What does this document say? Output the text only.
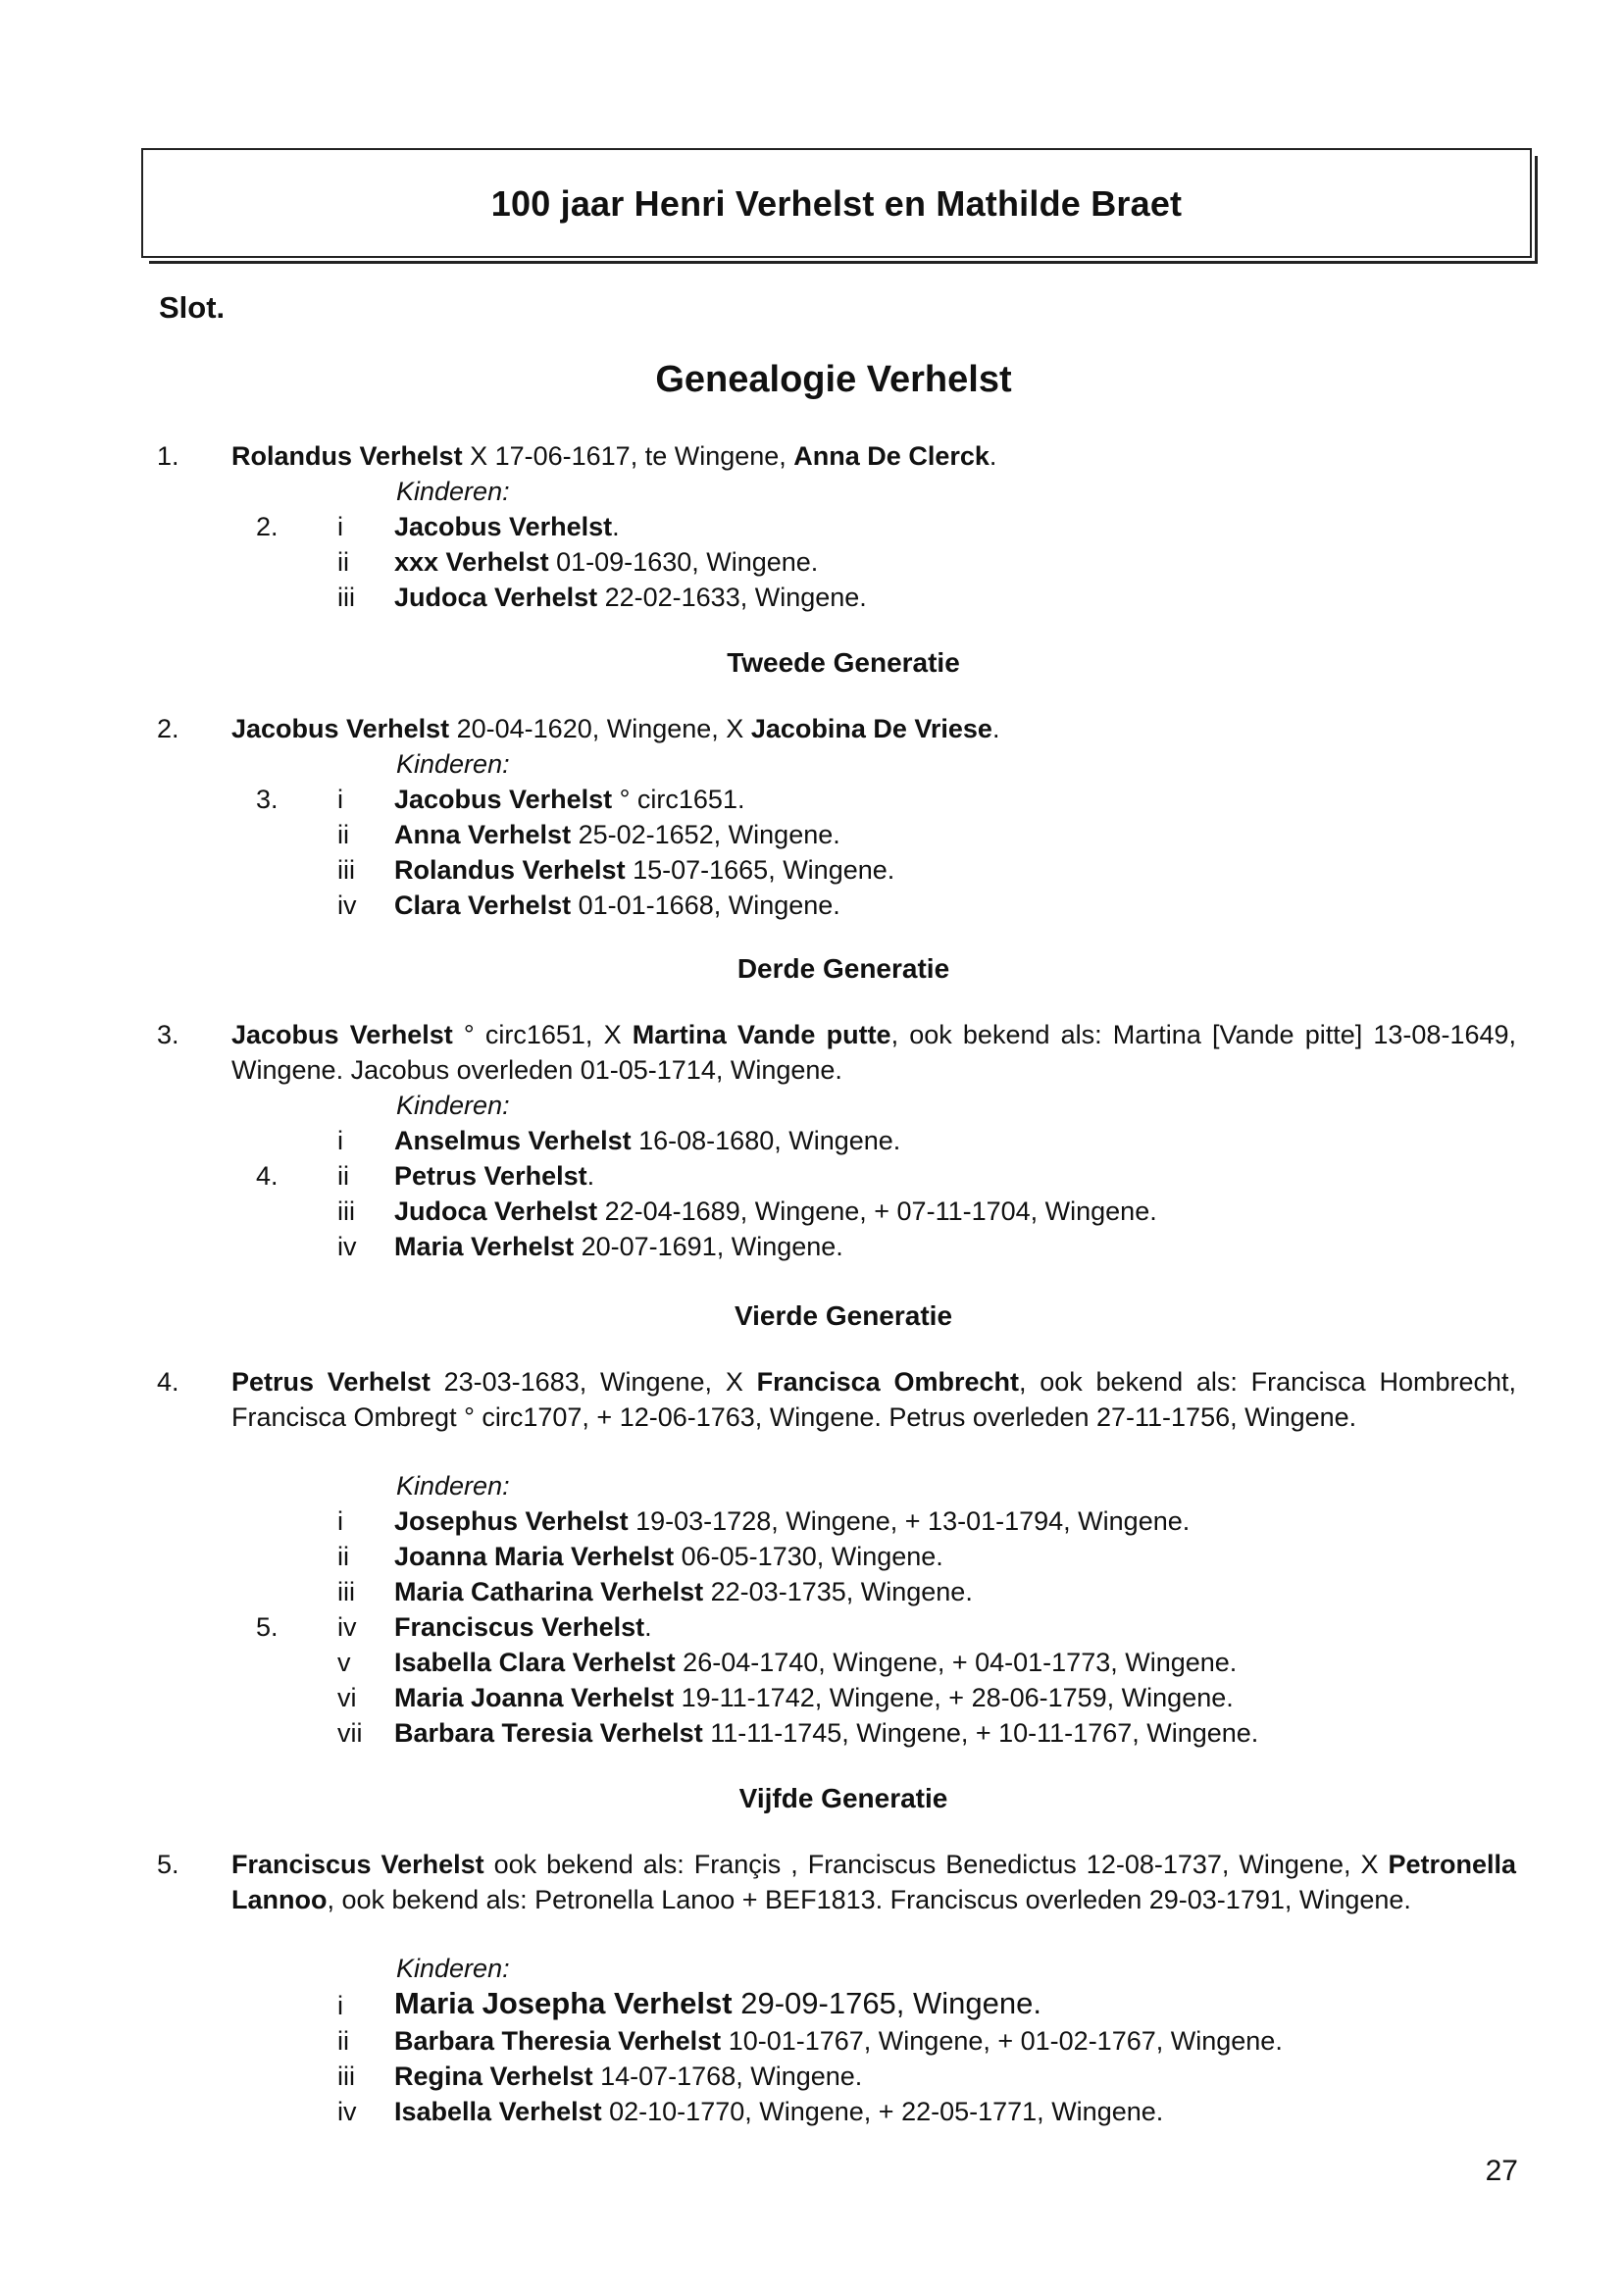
100 jaar Henri Verhelst en Mathilde Braet
Slot.
Genealogie Verhelst
1. Rolandus Verhelst X 17-06-1617, te Wingene, Anna De Clerck.
Kinderen:
2. i Jacobus Verhelst.
ii xxx Verhelst 01-09-1630, Wingene.
iii Judoca Verhelst 22-02-1633, Wingene.
Tweede Generatie
2. Jacobus Verhelst 20-04-1620, Wingene, X Jacobina De Vriese.
Kinderen:
3. i Jacobus Verhelst ° circ1651.
ii Anna Verhelst 25-02-1652, Wingene.
iii Rolandus Verhelst 15-07-1665, Wingene.
iv Clara Verhelst 01-01-1668, Wingene.
Derde Generatie
3. Jacobus Verhelst ° circ1651, X Martina Vande putte, ook bekend als: Martina [Vande pitte] 13-08-1649, Wingene. Jacobus overleden 01-05-1714, Wingene.
Kinderen:
i Anselmus Verhelst 16-08-1680, Wingene.
4. ii Petrus Verhelst.
iii Judoca Verhelst 22-04-1689, Wingene, + 07-11-1704, Wingene.
iv Maria Verhelst 20-07-1691, Wingene.
Vierde Generatie
4. Petrus Verhelst 23-03-1683, Wingene, X Francisca Ombrecht, ook bekend als: Francisca Hombrecht, Francisca Ombregt ° circ1707, + 12-06-1763, Wingene. Petrus overleden 27-11-1756, Wingene.
Kinderen:
i Josephus Verhelst 19-03-1728, Wingene, + 13-01-1794, Wingene.
ii Joanna Maria Verhelst 06-05-1730, Wingene.
iii Maria Catharina Verhelst 22-03-1735, Wingene.
5. iv Franciscus Verhelst.
v Isabella Clara Verhelst 26-04-1740, Wingene, + 04-01-1773, Wingene.
vi Maria Joanna Verhelst 19-11-1742, Wingene, + 28-06-1759, Wingene.
vii Barbara Teresia Verhelst 11-11-1745, Wingene, + 10-11-1767, Wingene.
Vijfde Generatie
5. Franciscus Verhelst ook bekend als: Françis , Franciscus Benedictus 12-08-1737, Wingene, X Petronella Lannoo, ook bekend als: Petronella Lanoo + BEF1813. Franciscus overleden 29-03-1791, Wingene.
Kinderen:
i Maria Josepha Verhelst 29-09-1765, Wingene.
ii Barbara Theresia Verhelst 10-01-1767, Wingene, + 01-02-1767, Wingene.
iii Regina Verhelst 14-07-1768, Wingene.
iv Isabella Verhelst 02-10-1770, Wingene, + 22-05-1771, Wingene.
27
